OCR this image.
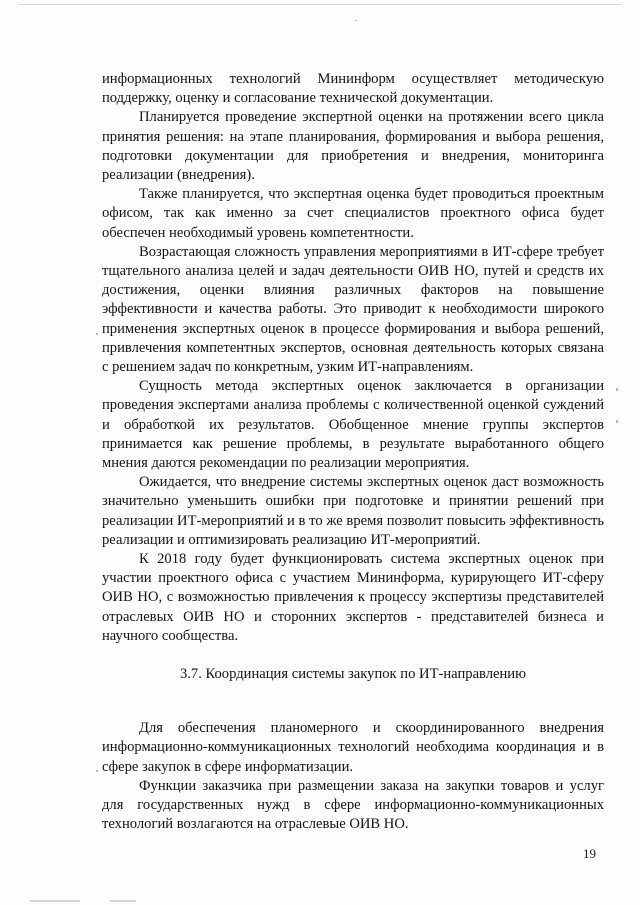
информационных технологий Мининформ осуществляет методическую поддержку, оценку и согласование технической документации.

Планируется проведение экспертной оценки на протяжении всего цикла принятия решения: на этапе планирования, формирования и выбора решения, подготовки документации для приобретения и внедрения, мониторинга реализации (внедрения).

Также планируется, что экспертная оценка будет проводиться проектным офисом, так как именно за счет специалистов проектного офиса будет обеспечен необходимый уровень компетентности.

Возрастающая сложность управления мероприятиями в ИТ-сфере требует тщательного анализа целей и задач деятельности ОИВ НО, путей и средств их достижения, оценки влияния различных факторов на повышение эффективности и качества работы. Это приводит к необходимости широкого применения экспертных оценок в процессе формирования и выбора решений, привлечения компетентных экспертов, основная деятельность которых связана с решением задач по конкретным, узким ИТ-направлениям.

Сущность метода экспертных оценок заключается в организации проведения экспертами анализа проблемы с количественной оценкой суждений и обработкой их результатов. Обобщенное мнение группы экспертов принимается как решение проблемы, в результате выработанного общего мнения даются рекомендации по реализации мероприятия.

Ожидается, что внедрение системы экспертных оценок даст возможность значительно уменьшить ошибки при подготовке и принятии решений при реализации ИТ-мероприятий и в то же время позволит повысить эффективность реализации и оптимизировать реализацию ИТ-мероприятий.

К 2018 году будет функционировать система экспертных оценок при участии проектного офиса с участием Мининформа, курирующего ИТ-сферу ОИВ НО, с возможностью привлечения к процессу экспертизы представителей отраслевых ОИВ НО и сторонних экспертов - представителей бизнеса и научного сообщества.

3.7. Координация системы закупок по ИТ-направлению

Для обеспечения планомерного и скоординированного внедрения информационно-коммуникационных технологий необходима координация и в сфере закупок в сфере информатизации.

Функции заказчика при размещении заказа на закупки товаров и услуг для государственных нужд в сфере информационно-коммуникационных технологий возлагаются на отраслевые ОИВ НО.

19
